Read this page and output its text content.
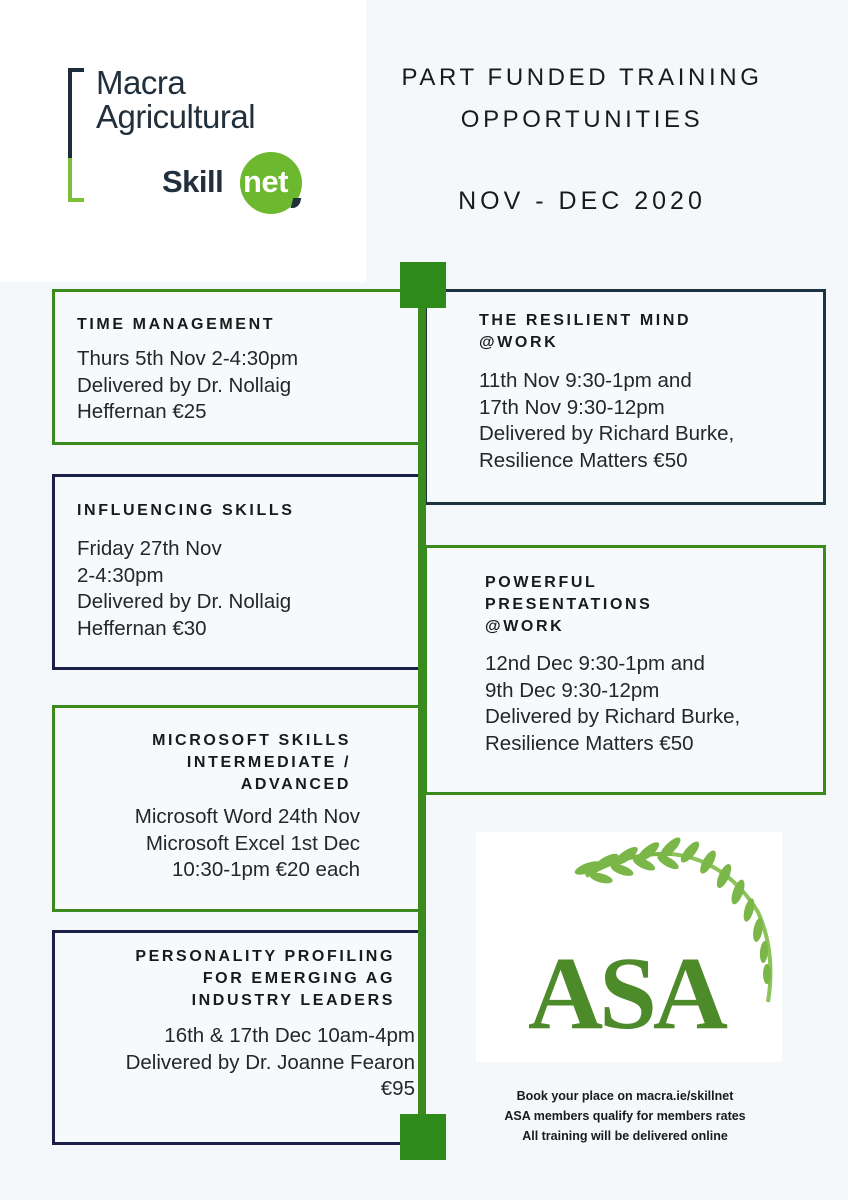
Macra
Agricultural
Skill net
PART FUNDED TRAINING
OPPORTUNITIES
NOV - DEC 2020
TIME MANAGEMENT
Thurs 5th Nov 2-4:30pm
Delivered by Dr. Nollaig
Heffernan €25
INFLUENCING SKILLS
Friday 27th Nov
2-4:30pm
Delivered by Dr. Nollaig
Heffernan €30
MICROSOFT SKILLS
INTERMEDIATE /
ADVANCED
Microsoft Word 24th Nov
Microsoft Excel 1st Dec
10:30-1pm €20 each
PERSONALITY PROFILING
FOR EMERGING AG
INDUSTRY LEADERS
16th & 17th Dec 10am-4pm
Delivered by Dr. Joanne Fearon
€95
THE RESILIENT MIND
@WORK
11th Nov 9:30-1pm and
17th Nov 9:30-12pm
Delivered by Richard Burke,
Resilience Matters €50
POWERFUL
PRESENTATIONS
@WORK
12nd Dec 9:30-1pm and
9th Dec 9:30-12pm
Delivered by Richard Burke,
Resilience Matters €50
ASA
Book your place on macra.ie/skillnet
ASA members qualify for members rates
All training will be delivered online
